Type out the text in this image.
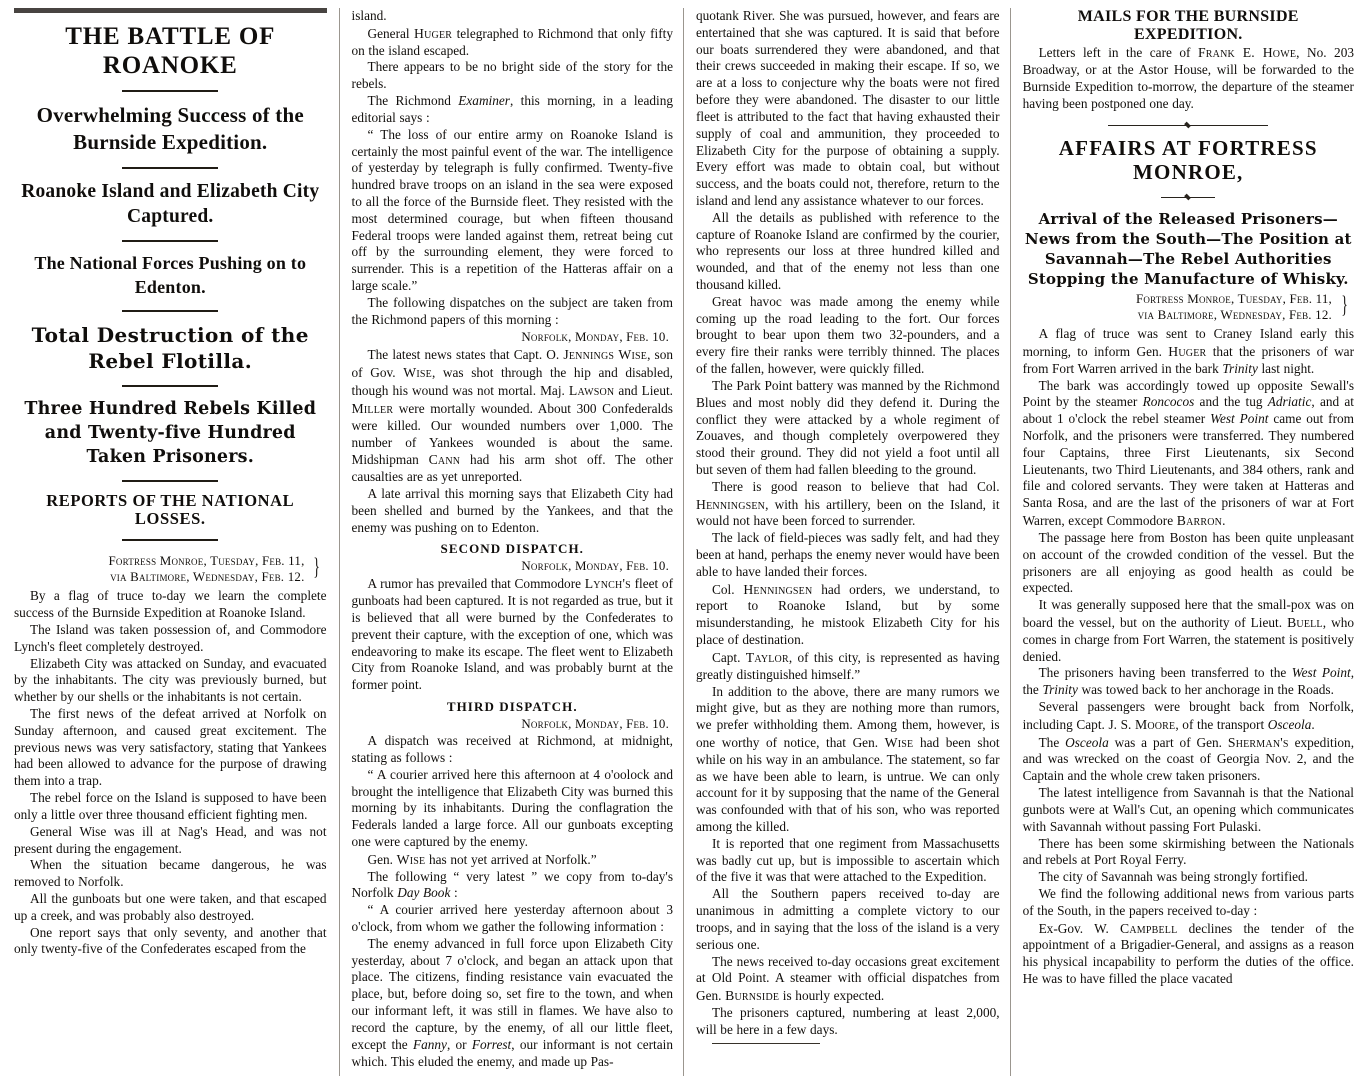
THE BATTLE OF ROANOKE
Overwhelming Success of the Burnside Expedition.
Roanoke Island and Elizabeth City Captured.
The National Forces Pushing on to Edenton.
Total Destruction of the Rebel Flotilla.
Three Hundred Rebels Killed and Twenty-five Hundred Taken Prisoners.
REPORTS OF THE NATIONAL LOSSES.
Fortress Monroe, Tuesday, Feb. 11,
via Baltimore, Wednesday, Feb. 12. }

By a flag of truce to-day we learn the complete success of the Burnside Expedition at Roanoke Island.

The Island was taken possession of, and Commodore Lynch's fleet completely destroyed.

Elizabeth City was attacked on Sunday, and evacuated by the inhabitants. The city was previously burned, but whether by our shells or the inhabitants is not certain.

The first news of the defeat arrived at Norfolk on Sunday afternoon, and caused great excitement. The previous news was very satisfactory, stating that Yankees had been allowed to advance for the purpose of drawing them into a trap.

The rebel force on the Island is supposed to have been only a little over three thousand efficient fighting men.

General Wise was ill at Nag's Head, and was not present during the engagement.

When the situation became dangerous, he was removed to Norfolk.

All the gunboats but one were taken, and that escaped up a creek, and was probably also destroyed.

One report says that only seventy, and another that only twenty-five of the Confederates escaped from the

island.

General Huger telegraphed to Richmond that only fifty on the island escaped.

There appears to be no bright side of the story for the rebels.

The Richmond Examiner, this morning, in a leading editorial says :

“ The loss of our entire army on Roanoke Island is certainly the most painful event of the war. The intelligence of yesterday by telegraph is fully confirmed. Twenty-five hundred brave troops on an island in the sea were exposed to all the force of the Burnside fleet. They resisted with the most determined courage, but when fifteen thousand Federal troops were landed against them, retreat being cut off by the surrounding element, they were forced to surrender. This is a repetition of the Hatteras affair on a large scale.”

The following dispatches on the subject are taken from the Richmond papers of this morning :

Norfolk, Monday, Feb. 10.

The latest news states that Capt. O. Jennings Wise, son of Gov. Wise, was shot through the hip and disabled, though his wound was not mortal. Maj. Lawson and Lieut. Miller were mortally wounded. About 300 Confederalds were killed. Our wounded numbers over 1,000. The number of Yankees wounded is about the same. Midshipman Cann had his arm shot off. The other causalties are as yet unreported.

A late arrival this morning says that Elizabeth City had been shelled and burned by the Yankees, and that the enemy was pushing on to Edenton.

SECOND DISPATCH.
Norfolk, Monday, Feb. 10.

A rumor has prevailed that Commodore Lynch's fleet of gunboats had been captured. It is not regarded as true, but it is believed that all were burned by the Confederates to prevent their capture, with the exception of one, which was endeavoring to make its escape. The fleet went to Elizabeth City from Roanoke Island, and was probably burnt at the former point.

THIRD DISPATCH.
Norfolk, Monday, Feb. 10.

A dispatch was received at Richmond, at midnight, stating as follows :

“ A courier arrived here this afternoon at 4 o'oolock and brought the intelligence that Elizabeth City was burned this morning by its inhabitants. During the conflagration the Federals landed a large force. All our gunboats excepting one were captured by the enemy.

Gen. Wise has not yet arrived at Norfolk.”

The following “ very latest ” we copy from to-day's Norfolk Day Book :

“ A courier arrived here yesterday afternoon about 3 o'clock, from whom we gather the following information :

The enemy advanced in full force upon Elizabeth City yesterday, about 7 o'clock, and began an attack upon that place. The citizens, finding resistance vain evacuated the place, but, before doing so, set fire to the town, and when our informant left, it was still in flames. We have also to record the capture, by the enemy, of all our little fleet, except the Fanny, or Forrest, our informant is not certain which. This eluded the enemy, and made up Pas-

quotank River. She was pursued, however, and fears are entertained that she was captured. It is said that before our boats surrendered they were abandoned, and that their crews succeeded in making their escape. If so, we are at a loss to conjecture why the boats were not fired before they were abandoned. The disaster to our little fleet is attributed to the fact that having exhausted their supply of coal and ammunition, they proceeded to Elizabeth City for the purpose of obtaining a supply. Every effort was made to obtain coal, but without success, and the boats could not, therefore, return to the island and lend any assistance whatever to our forces.

All the details as published with reference to the capture of Roanoke Island are confirmed by the courier, who represents our loss at three hundred killed and wounded, and that of the enemy not less than one thousand killed.

Great havoc was made among the enemy while coming up the road leading to the fort. Our forces brought to bear upon them two 32-pounders, and a every fire their ranks were terribly thinned. The places of the fallen, however, were quickly filled.

The Park Point battery was manned by the Richmond Blues and most nobly did they defend it. During the conflict they were attacked by a whole regiment of Zouaves, and though completely overpowered they stood their ground. They did not yield a foot until all but seven of them had fallen bleeding to the ground.

There is good reason to believe that had Col. Henningsen, with his artillery, been on the Island, it would not have been forced to surrender.

The lack of field-pieces was sadly felt, and had they been at hand, perhaps the enemy never would have been able to have landed their forces.

Col. Henningsen had orders, we understand, to report to Roanoke Island, but by some misunderstanding, he mistook Elizabeth City for his place of destination.

Capt. Taylor, of this city, is represented as having greatly distinguished himself.”

In addition to the above, there are many rumors we might give, but as they are nothing more than rumors, we prefer withholding them. Among them, however, is one worthy of notice, that Gen. Wise had been shot while on his way in an ambulance. The statement, so far as we have been able to learn, is untrue. We can only account for it by supposing that the name of the General was confounded with that of his son, who was reported among the killed.

It is reported that one regiment from Massachusetts was badly cut up, but is impossible to ascertain which of the five it was that were attached to the Expedition.

All the Southern papers received to-day are unanimous in admitting a complete victory to our troops, and in saying that the loss of the island is a very serious one.

The news received to-day occasions great excitement at Old Point. A steamer with official dispatches from Gen. Burnside is hourly expected.

The prisoners captured, numbering at least 2,000, will be here in a few days.

MAILS FOR THE BURNSIDE EXPEDITION.

Letters left in the care of Frank E. Howe, No. 203 Broadway, or at the Astor House, will be forwarded to the Burnside Expedition to-morrow, the departure of the steamer having been postponed one day.

AFFAIRS AT FORTRESS MONROE,
Arrival of the Released Prisoners—News from the South—The Position at Savannah—The Rebel Authorities Stopping the Manufacture of Whisky.
Fortress Monroe, Tuesday, Feb. 11,
via Baltimore, Wednesday, Feb. 12. }

A flag of truce was sent to Craney Island early this morning, to inform Gen. Huger that the prisoners of war from Fort Warren arrived in the bark Trinity last night.

The bark was accordingly towed up opposite Sewall's Point by the steamer Roncocos and the tug Adriatic, and at about 1 o'clock the rebel steamer West Point came out from Norfolk, and the prisoners were transferred. They numbered four Captains, three First Lieutenants, six Second Lieutenants, two Third Lieutenants, and 384 others, rank and file and colored servants. They were taken at Hatteras and Santa Rosa, and are the last of the prisoners of war at Fort Warren, except Commodore Barron.

The passage here from Boston has been quite unpleasant on account of the crowded condition of the vessel. But the prisoners are all enjoying as good health as could be expected.

It was generally supposed here that the small-pox was on board the vessel, but on the authority of Lieut. Buell, who comes in charge from Fort Warren, the statement is positively denied.

The prisoners having been transferred to the West Point, the Trinity was towed back to her anchorage in the Roads.

Several passengers were brought back from Norfolk, including Capt. J. S. Moore, of the transport Osceola.

The Osceola was a part of Gen. Sherman's expedition, and was wrecked on the coast of Georgia Nov. 2, and the Captain and the whole crew taken prisoners.

The latest intelligence from Savannah is that the National gunbots were at Wall's Cut, an opening which communicates with Savannah without passing Fort Pulaski.

There has been some skirmishing between the Nationals and rebels at Port Royal Ferry.

The city of Savannah was being strongly fortified.

We find the following additional news from various parts of the South, in the papers received to-day :

Ex-Gov. W. Campbell declines the tender of the appointment of a Brigadier-General, and assigns as a reason his physical incapability to perform the duties of the office. He was to have filled the place vacated
